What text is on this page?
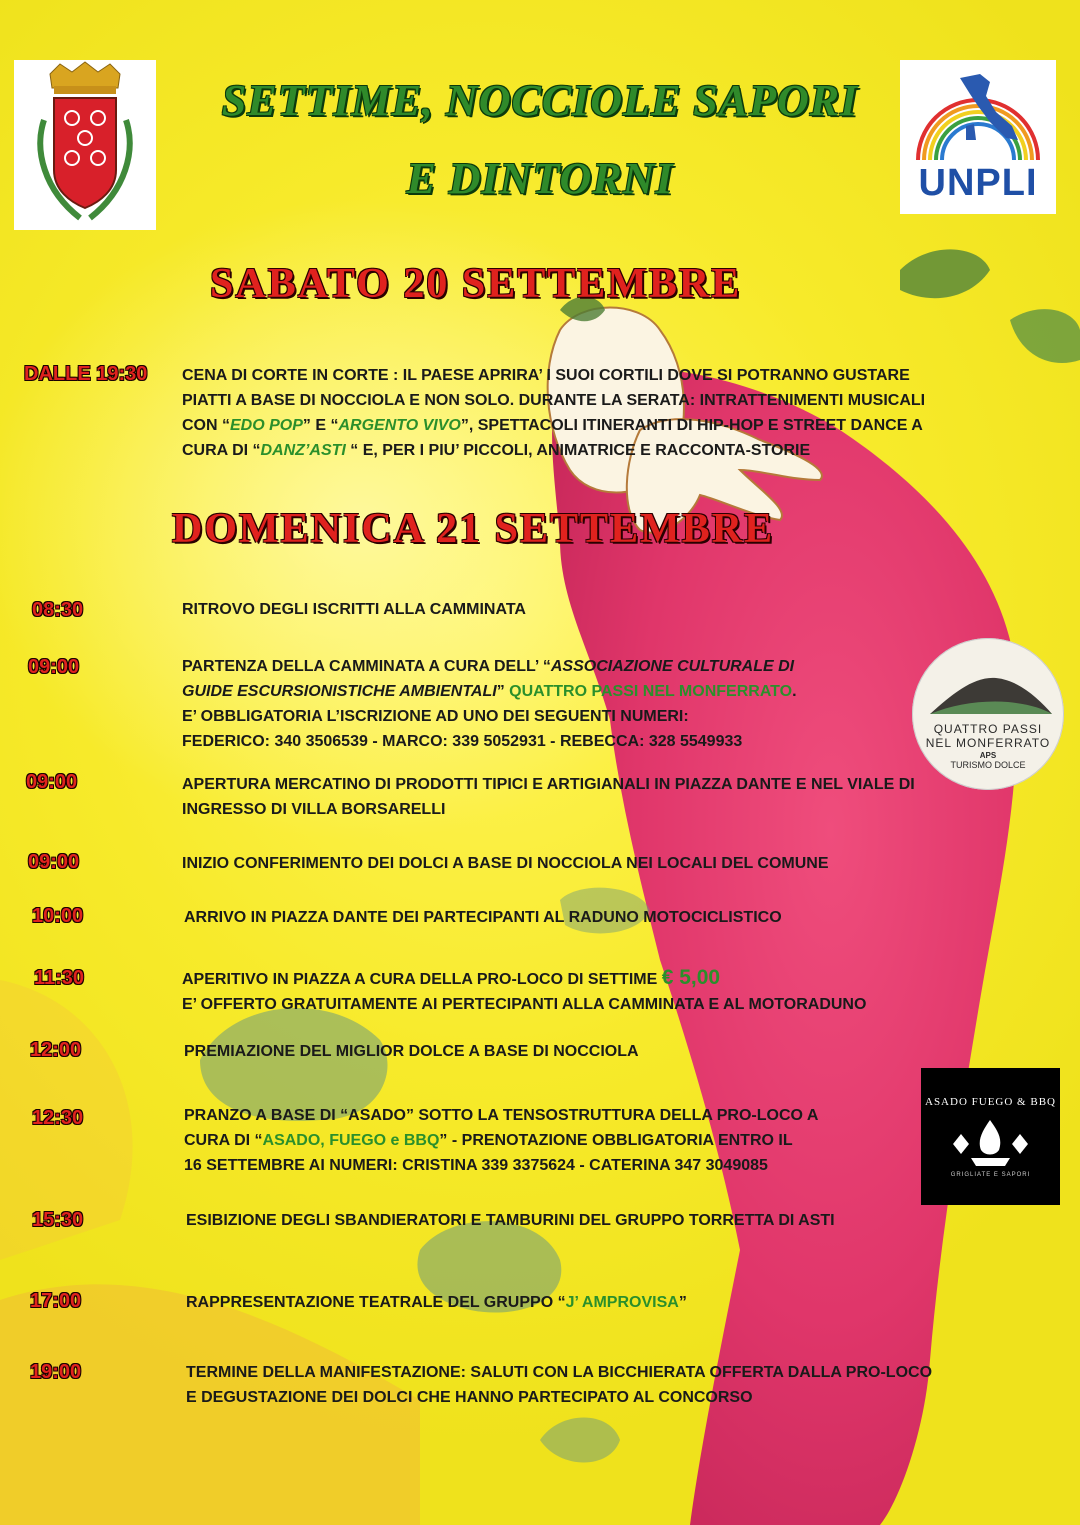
SETTIME, NOCCIOLE SAPORI
E DINTORNI	UNPLI
SABATO 20 SETTEMBRE
DALLE 19:30 CENA DI CORTE IN CORTE : IL PAESE APRIRA’ I SUOI CORTILI DOVE SI POTRANNO GUSTARE
PIATTI A BASE DI NOCCIOLA E NON SOLO. DURANTE LA SERATA: INTRATTENIMENTI MUSICALI
CON “EDO POP” E “ARGENTO VIVO”, SPETTACOLI ITINERANTI DI HIP-HOP E STREET DANCE A
CURA DI “DANZ’ASTI “ E, PER I PIU’ PICCOLI, ANIMATRICE E RACCONTA-STORIE
DOMENICA 21 SETTEMBRE
08:30	RITROVO DEGLI ISCRITTI ALLA CAMMINATA
09:00	PARTENZA DELLA CAMMINATA A CURA DELL’ “ASSOCIAZIONE CULTURALE DI
GUIDE ESCURSIONISTICHE AMBIENTALI” QUATTRO PASSI NEL MONFERRATO.
E’ OBBLIGATORIA L’ISCRIZIONE AD UNO DEI SEGUENTI NUMERI:
FEDERICO: 340 3506539 - MARCO: 339 5052931 - REBECCA: 328 5549933
QUATTRO PASSI
NEL MONFERRATO
APS
TURISMO DOLCE
09:00	APERTURA MERCATINO DI PRODOTTI TIPICI E ARTIGIANALI IN PIAZZA DANTE E NEL VIALE DI
INGRESSO DI VILLA BORSARELLI
09:00	INIZIO CONFERIMENTO DEI DOLCI A BASE DI NOCCIOLA NEI LOCALI DEL COMUNE
10:00	ARRIVO IN PIAZZA DANTE DEI PARTECIPANTI AL RADUNO MOTOCICLISTICO
11:30	APERITIVO IN PIAZZA A CURA DELLA PRO-LOCO DI SETTIME € 5,00
E’ OFFERTO GRATUITAMENTE AI PERTECIPANTI ALLA CAMMINATA E AL MOTORADUNO
12:00	PREMIAZIONE DEL MIGLIOR DOLCE A BASE DI NOCCIOLA
12:30	PRANZO A BASE DI “ASADO” SOTTO LA TENSOSTRUTTURA DELLA PRO-LOCO A
CURA DI “ASADO, FUEGO e BBQ” - PRENOTAZIONE OBBLIGATORIA ENTRO IL
16 SETTEMBRE AI NUMERI: CRISTINA 339 3375624 - CATERINA 347 3049085
ASADO FUEGO & BBQ
GRIGLIATE E SAPORI
15:30	ESIBIZIONE DEGLI SBANDIERATORI E TAMBURINI DEL GRUPPO TORRETTA DI ASTI
17:00	RAPPRESENTAZIONE TEATRALE DEL GRUPPO “J’ AMPROVISA”
19:00	TERMINE DELLA MANIFESTAZIONE: SALUTI CON LA BICCHIERATA OFFERTA DALLA PRO-LOCO
E DEGUSTAZIONE DEI DOLCI CHE HANNO PARTECIPATO AL CONCORSO
